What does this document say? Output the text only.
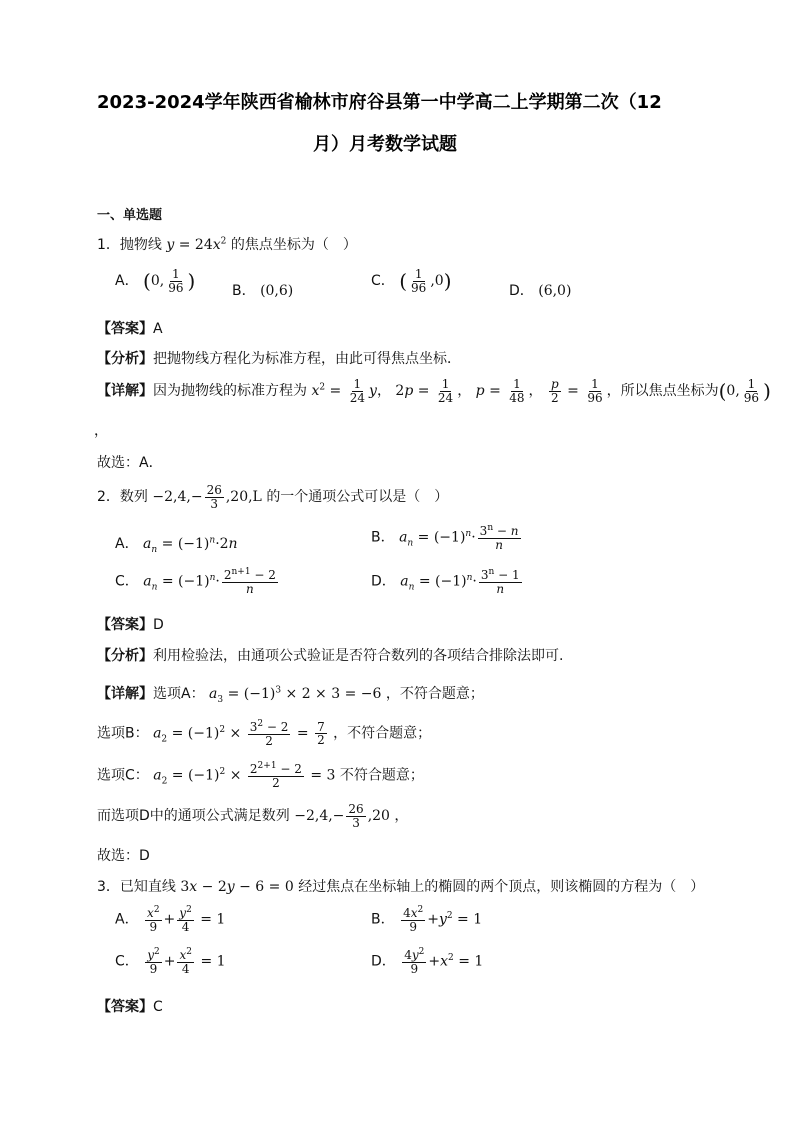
2023-2024学年陕西省榆林市府谷县第一中学高二上学期第二次（12
月）月考数学试题
一、单选题
1．抛物线 $y = 24x^2$ 的焦点坐标为（　）
A． (0, $\frac{1}{96}$ )	B． (0,6)
C． ( $\frac{1}{96} ,0$)	D． (6,0)
【答案】A
【分析】把抛物线方程化为标准方程，由此可得焦点坐标．
【详解】因为抛物线的标准方程为 $x^2 = \frac{1}{24}$ y， $2p = \frac{1}{24}$ ， $p = \frac{1}{48}$ ， $\frac{p}{2} = \frac{1}{96}$ ，所以焦点坐标为(0, $\frac{1}{96}$ )
，
故选：A．
2．数列 $-2,4,- \frac{26}{3} ,20,L$ 的一个通项公式可以是（　）
A． $a_n = (-1)^n\cdot 2n$	B． $a_n = (-1)^n\cdot \frac{3^n - n}{n}$
C． $a_n = (-1)^n\cdot \frac{2^{n+1} - 2}{n}$	D． $a_n = (-1)^n\cdot \frac{3^n - 1}{n}$
【答案】D
【分析】利用检验法，由通项公式验证是否符合数列的各项结合排除法即可.
【详解】选项A： $a_3 = (-1)^3 \times 2 \times 3 = -6$ ，不符合题意；
选项B： $a_2 = (-1)^2 \times \frac{3^2 - 2}{2} = \frac{7}{2}$ ，不符合题意；
选项C： $a_2 = (-1)^2 \times \frac{2^{2+1} - 2}{2} = 3$ 不符合题意；
而选项D中的通项公式满足数列 $-2,4,- \frac{26}{3} ,20$ ，
故选：D
3．已知直线 3x − 2y − 6 = 0 经过焦点在坐标轴上的椭圆的两个顶点，则该椭圆的方程为（　）
A． $\frac{x^2}{9} + \frac{y^2}{4} = 1$	B． $\frac{4x^2}{9} +y^2 = 1$
C． $\frac{y^2}{9} + \frac{x^2}{4} = 1$	D． $\frac{4y^2}{9} +x^2 = 1$
【答案】C
